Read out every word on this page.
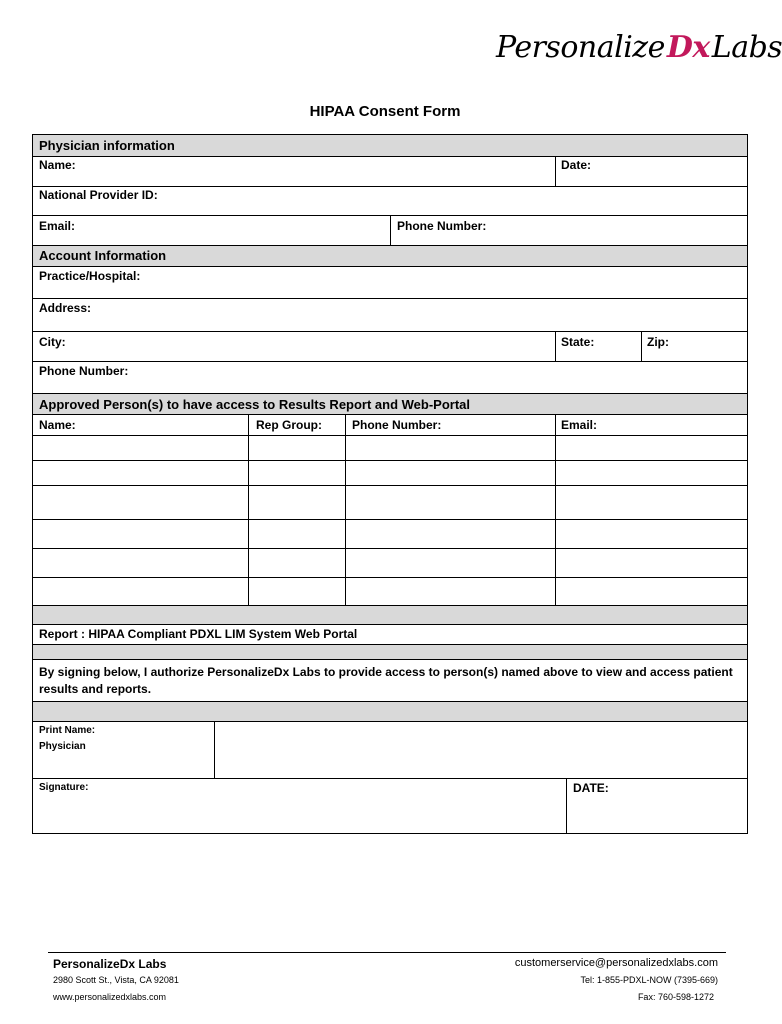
PersonalizeDxLabs
HIPAA Consent Form
Physician information
Name:	Date:
National Provider ID:
Email:	Phone Number:
Account Information
Practice/Hospital:
Address:
City:	State:	Zip:
Phone Number:
Approved Person(s) to have access to Results Report and Web-Portal
Name:	Rep Group:	Phone Number:	Email:
Report : HIPAA Compliant PDXL LIM System Web Portal
By signing below, I authorize PersonalizeDx Labs to provide access to person(s) named above to view and access patient results and reports.
Print Name:
Physician
Signature:	DATE:
PersonalizeDx Labs
2980 Scott St., Vista, CA 92081
www.personalizedxlabs.com
customerservice@personalizedxlabs.com
Tel: 1-855-PDXL-NOW (7395-669)
Fax: 760-598-1272
